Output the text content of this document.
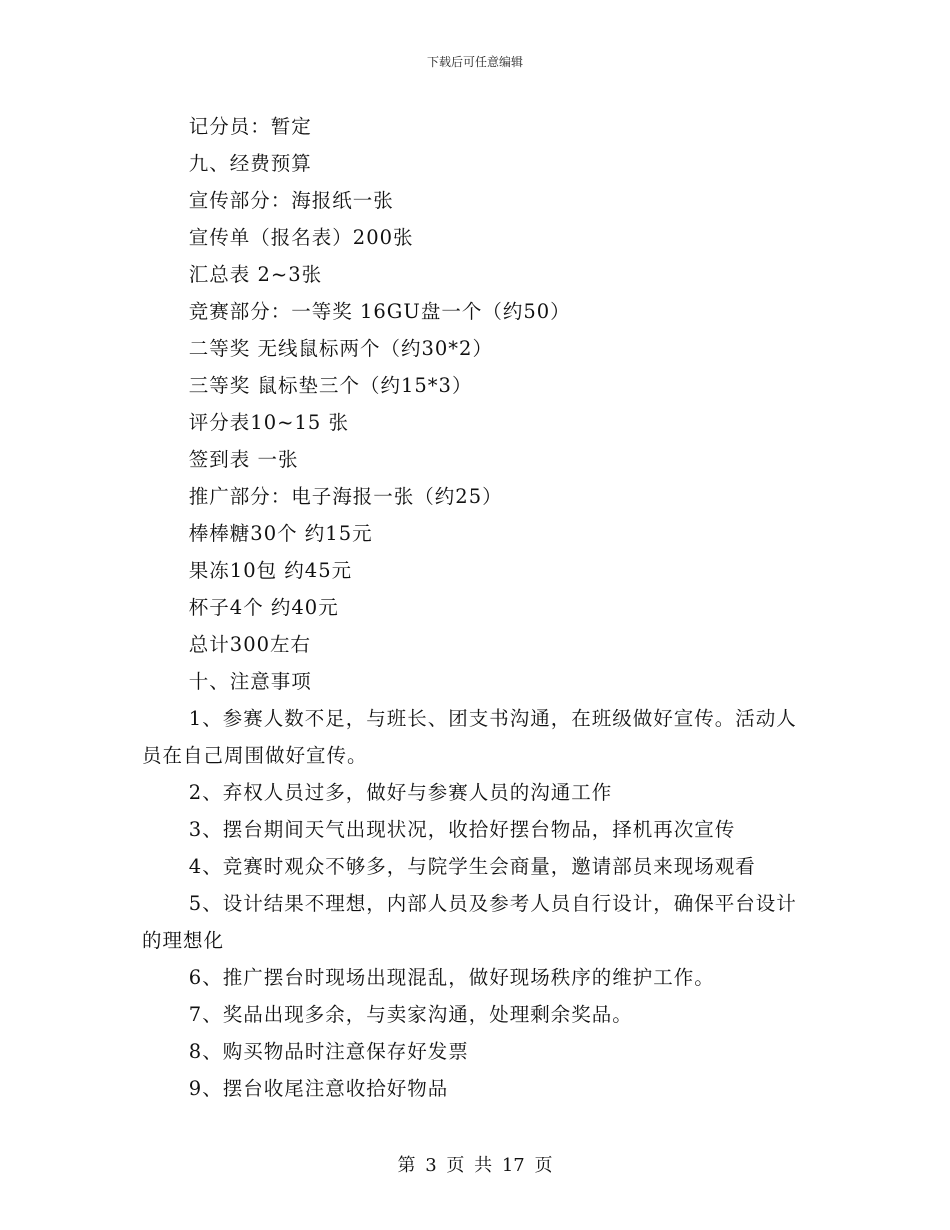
下载后可任意编辑

记分员：暂定

九、经费预算

宣传部分：海报纸一张

宣传单（报名表）200张

汇总表 2~3张

竞赛部分：一等奖 16GU盘一个（约50）

二等奖 无线鼠标两个（约30*2）

三等奖 鼠标垫三个（约15*3）

评分表10~15 张

签到表 一张

推广部分：电子海报一张（约25）

棒棒糖30个 约15元

果冻10包 约45元

杯子4个 约40元

总计300左右

十、注意事项

1、参赛人数不足，与班长、团支书沟通，在班级做好宣传。活动人员在自己周围做好宣传。

2、弃权人员过多，做好与参赛人员的沟通工作

3、摆台期间天气出现状况，收拾好摆台物品，择机再次宣传

4、竞赛时观众不够多，与院学生会商量，邀请部员来现场观看

5、设计结果不理想，内部人员及参考人员自行设计，确保平台设计的理想化

6、推广摆台时现场出现混乱，做好现场秩序的维护工作。

7、奖品出现多余，与卖家沟通，处理剩余奖品。

8、购买物品时注意保存好发票

9、摆台收尾注意收拾好物品

第 3 页 共 17 页
